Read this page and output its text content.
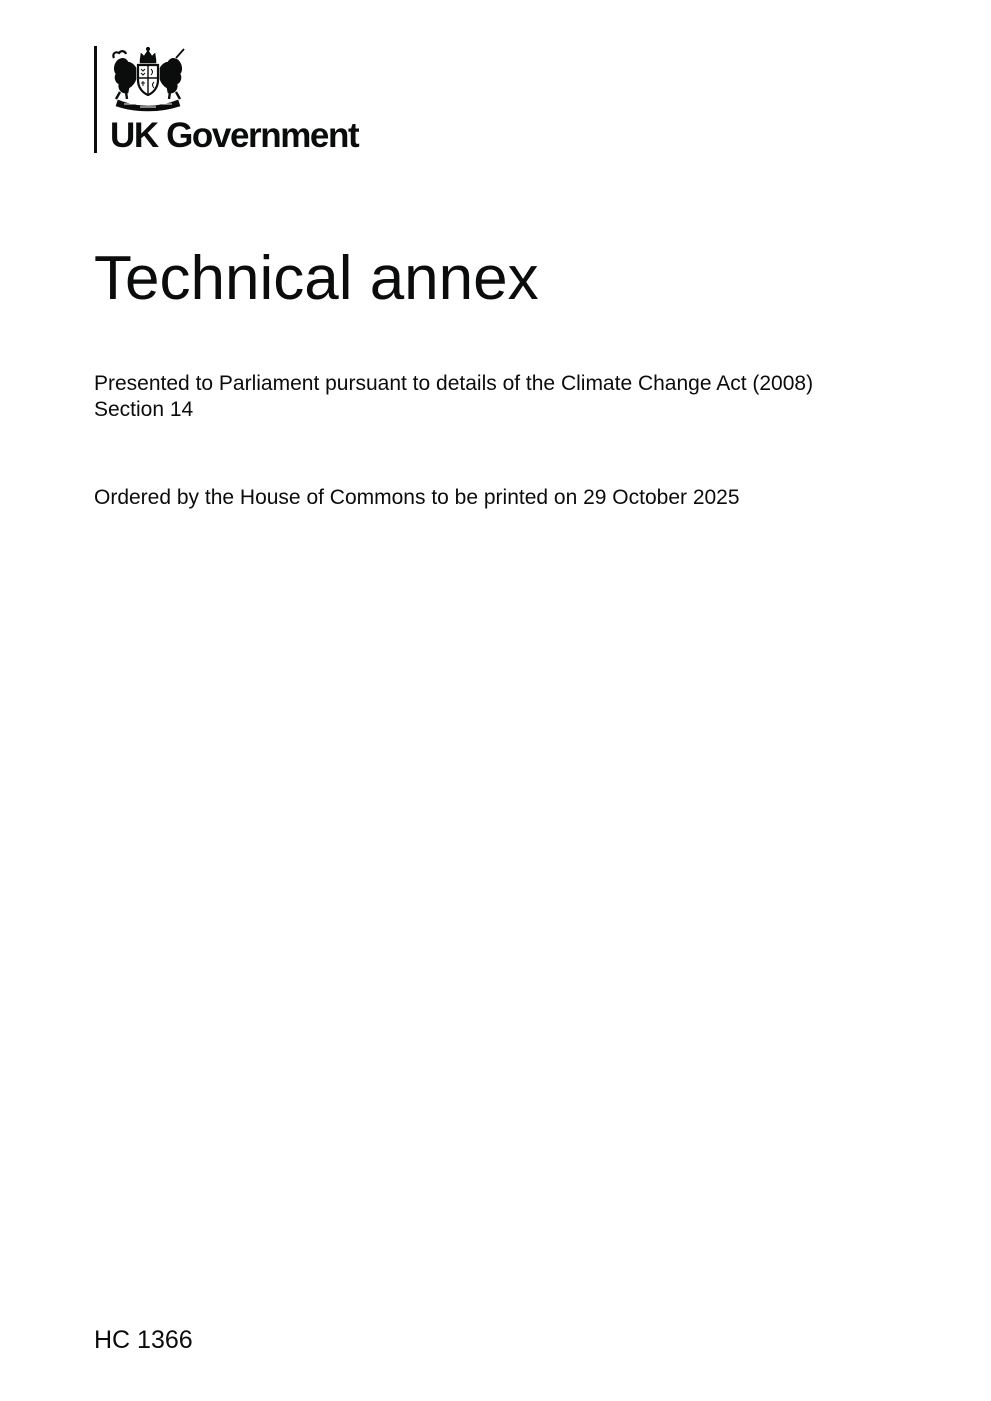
UK Government
Technical annex
Presented to Parliament pursuant to details of the Climate Change Act (2008)
Section 14

Ordered by the House of Commons to be printed on 29 October 2025

HC 1366
